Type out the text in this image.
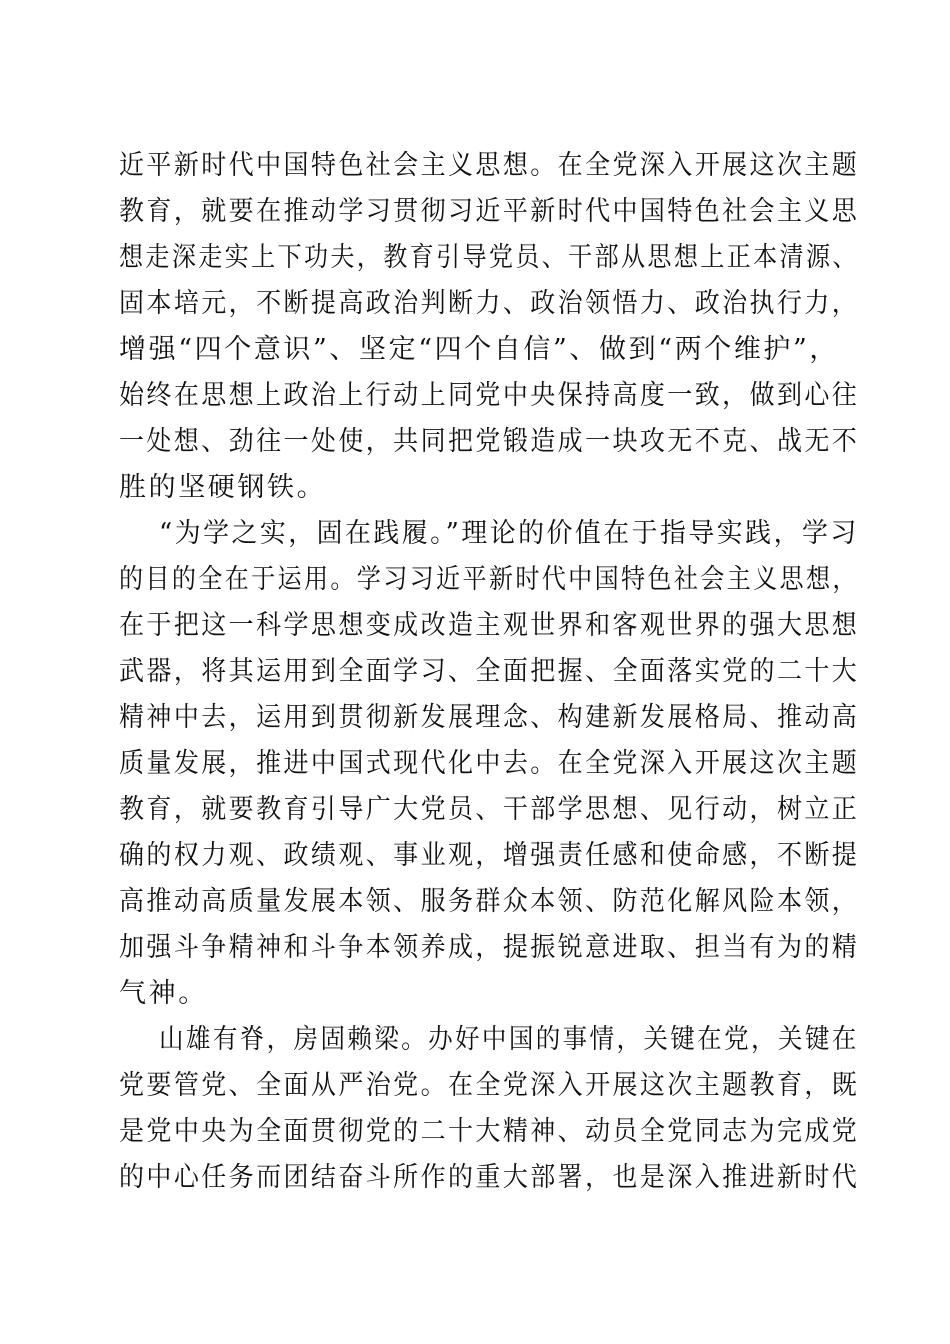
近平新时代中国特色社会主义思想。在全党深入开展这次主题
教育，就要在推动学习贯彻习近平新时代中国特色社会主义思
想走深走实上下功夫，教育引导党员、干部从思想上正本清源、
固本培元，不断提高政治判断力、政治领悟力、政治执行力，
增强“四个意识”、坚定“四个自信”、做到“两个维护”，
始终在思想上政治上行动上同党中央保持高度一致，做到心往
一处想、劲往一处使，共同把党锻造成一块攻无不克、战无不
胜的坚硬钢铁。
“为学之实，固在践履。”理论的价值在于指导实践，学习
的目的全在于运用。学习习近平新时代中国特色社会主义思想，
在于把这一科学思想变成改造主观世界和客观世界的强大思想
武器，将其运用到全面学习、全面把握、全面落实党的二十大
精神中去，运用到贯彻新发展理念、构建新发展格局、推动高
质量发展，推进中国式现代化中去。在全党深入开展这次主题
教育，就要教育引导广大党员、干部学思想、见行动，树立正
确的权力观、政绩观、事业观，增强责任感和使命感，不断提
高推动高质量发展本领、服务群众本领、防范化解风险本领，
加强斗争精神和斗争本领养成，提振锐意进取、担当有为的精
气神。
山雄有脊，房固赖梁。办好中国的事情，关键在党，关键在
党要管党、全面从严治党。在全党深入开展这次主题教育，既
是党中央为全面贯彻党的二十大精神、动员全党同志为完成党
的中心任务而团结奋斗所作的重大部署，也是深入推进新时代
